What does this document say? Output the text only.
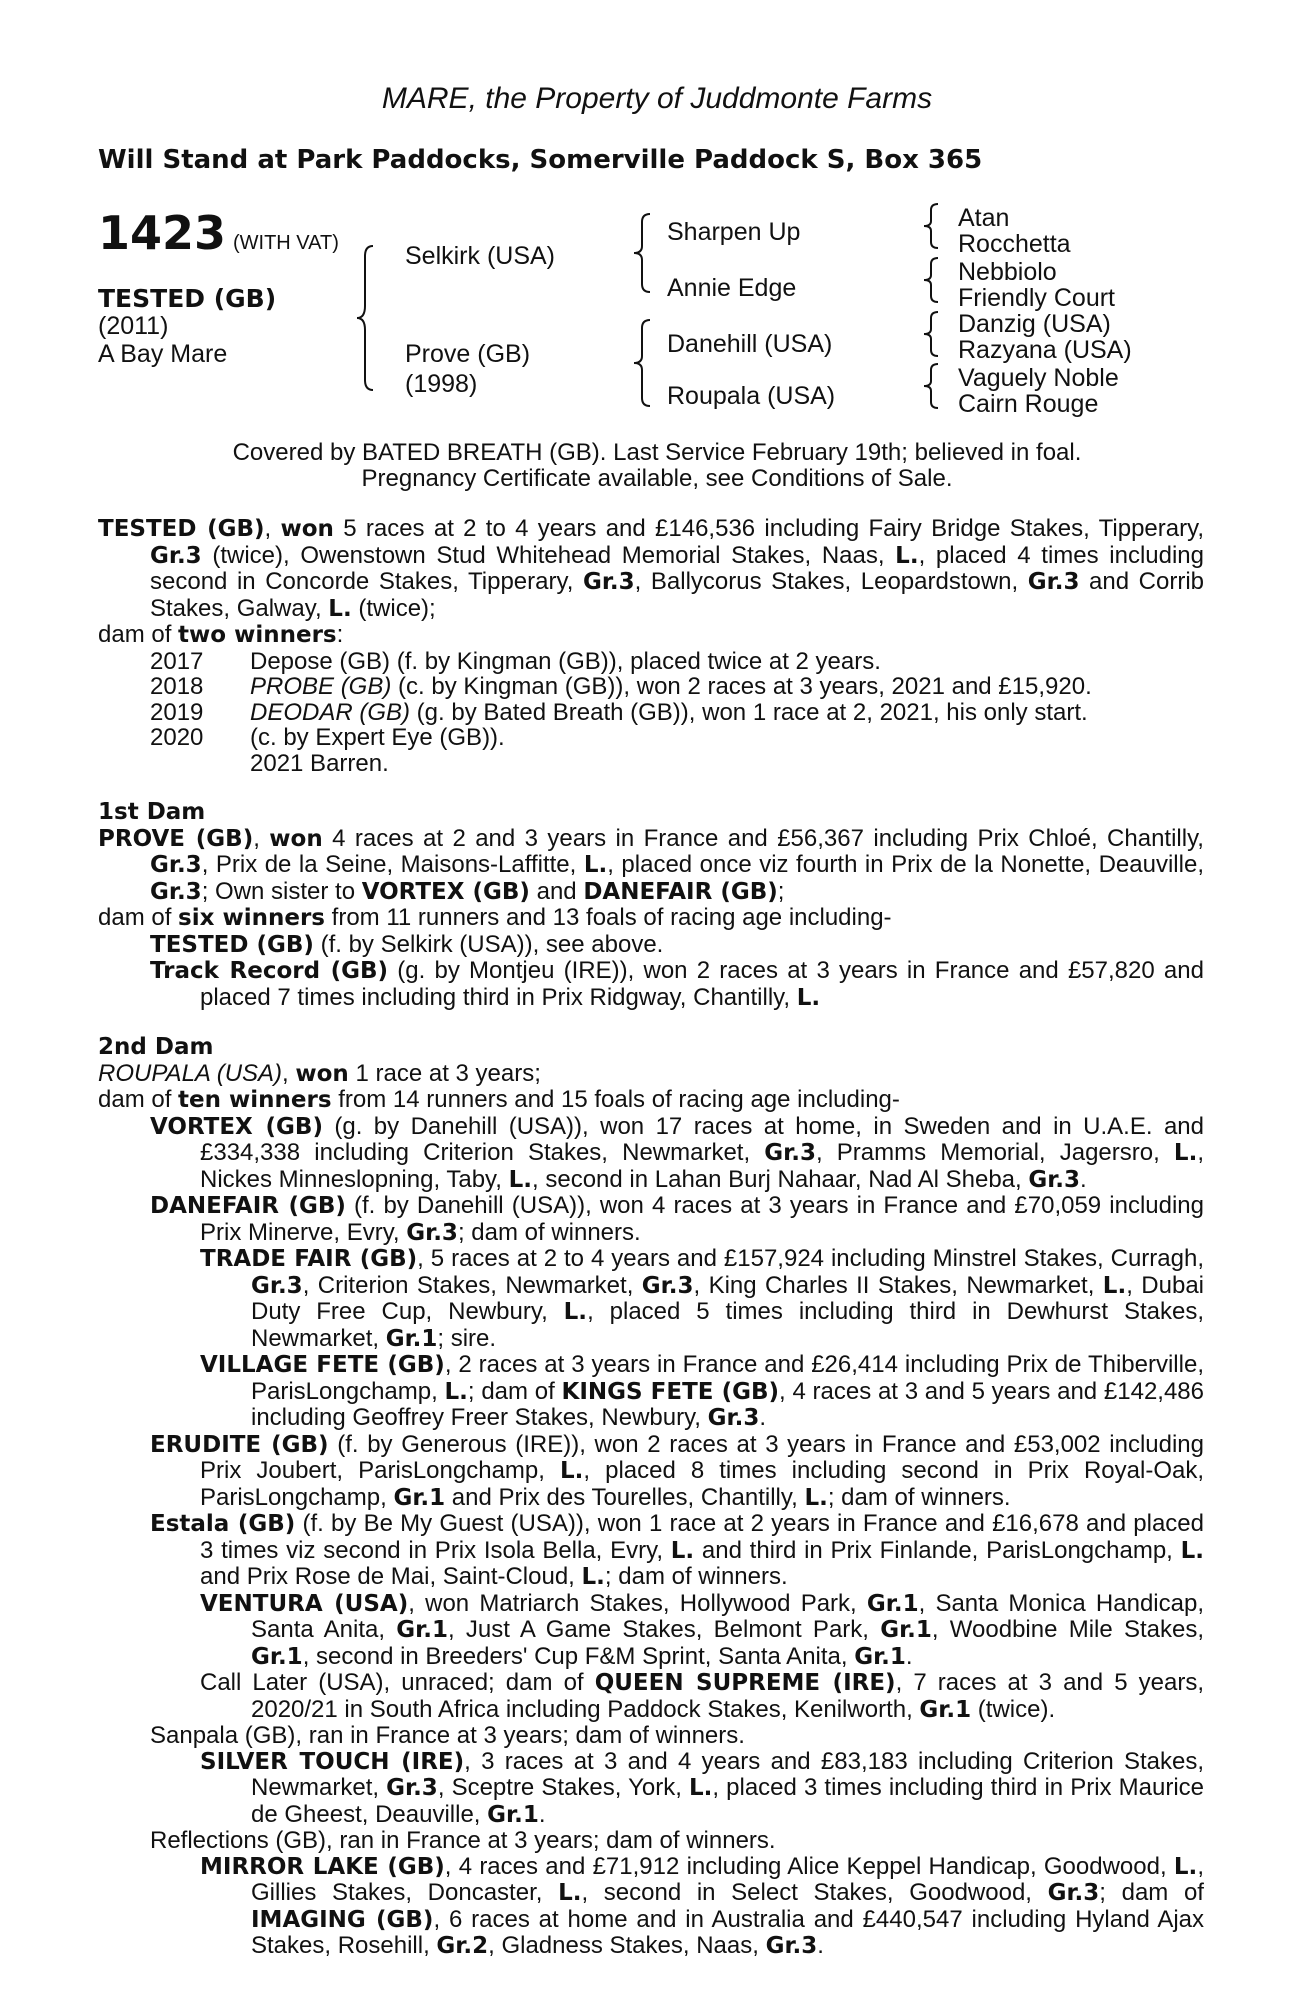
MARE, the Property of Juddmonte Farms
Will Stand at Park Paddocks, Somerville Paddock S, Box 365
1423 (WITH VAT)
TESTED (GB)
(2011)
A Bay Mare
Selkirk (USA)
Prove (GB)
(1998)
Sharpen Up
Annie Edge
Danehill (USA)
Roupala (USA)
Atan
Rocchetta
Nebbiolo
Friendly Court
Danzig (USA)
Razyana (USA)
Vaguely Noble
Cairn Rouge
Covered by BATED BREATH (GB). Last Service February 19th; believed in foal.
Pregnancy Certificate available, see Conditions of Sale.
TESTED (GB), won 5 races at 2 to 4 years and £146,536 including Fairy Bridge Stakes, Tipperary, Gr.3 (twice), Owenstown Stud Whitehead Memorial Stakes, Naas, L., placed 4 times including second in Concorde Stakes, Tipperary, Gr.3, Ballycorus Stakes, Leopardstown, Gr.3 and Corrib Stakes, Galway, L. (twice);
dam of two winners:
2017	Depose (GB) (f. by Kingman (GB)), placed twice at 2 years.
2018	PROBE (GB) (c. by Kingman (GB)), won 2 races at 3 years, 2021 and £15,920.
2019	DEODAR (GB) (g. by Bated Breath (GB)), won 1 race at 2, 2021, his only start.
2020	(c. by Expert Eye (GB)).
2021 Barren.
1st Dam
PROVE (GB), won 4 races at 2 and 3 years in France and £56,367 including Prix Chloé, Chantilly, Gr.3, Prix de la Seine, Maisons-Laffitte, L., placed once viz fourth in Prix de la Nonette, Deauville, Gr.3; Own sister to VORTEX (GB) and DANEFAIR (GB);
dam of six winners from 11 runners and 13 foals of racing age including-
TESTED (GB) (f. by Selkirk (USA)), see above.
Track Record (GB) (g. by Montjeu (IRE)), won 2 races at 3 years in France and £57,820 and placed 7 times including third in Prix Ridgway, Chantilly, L.
2nd Dam
ROUPALA (USA), won 1 race at 3 years;
dam of ten winners from 14 runners and 15 foals of racing age including-
VORTEX (GB) (g. by Danehill (USA)), won 17 races at home, in Sweden and in U.A.E. and £334,338 including Criterion Stakes, Newmarket, Gr.3, Pramms Memorial, Jagersro, L., Nickes Minneslopning, Taby, L., second in Lahan Burj Nahaar, Nad Al Sheba, Gr.3.
DANEFAIR (GB) (f. by Danehill (USA)), won 4 races at 3 years in France and £70,059 including Prix Minerve, Evry, Gr.3; dam of winners.
TRADE FAIR (GB), 5 races at 2 to 4 years and £157,924 including Minstrel Stakes, Curragh, Gr.3, Criterion Stakes, Newmarket, Gr.3, King Charles II Stakes, Newmarket, L., Dubai Duty Free Cup, Newbury, L., placed 5 times including third in Dewhurst Stakes, Newmarket, Gr.1; sire.
VILLAGE FETE (GB), 2 races at 3 years in France and £26,414 including Prix de Thiberville, ParisLongchamp, L.; dam of KINGS FETE (GB), 4 races at 3 and 5 years and £142,486 including Geoffrey Freer Stakes, Newbury, Gr.3.
ERUDITE (GB) (f. by Generous (IRE)), won 2 races at 3 years in France and £53,002 including Prix Joubert, ParisLongchamp, L., placed 8 times including second in Prix Royal-Oak, ParisLongchamp, Gr.1 and Prix des Tourelles, Chantilly, L.; dam of winners.
Estala (GB) (f. by Be My Guest (USA)), won 1 race at 2 years in France and £16,678 and placed 3 times viz second in Prix Isola Bella, Evry, L. and third in Prix Finlande, ParisLongchamp, L. and Prix Rose de Mai, Saint-Cloud, L.; dam of winners.
VENTURA (USA), won Matriarch Stakes, Hollywood Park, Gr.1, Santa Monica Handicap, Santa Anita, Gr.1, Just A Game Stakes, Belmont Park, Gr.1, Woodbine Mile Stakes, Gr.1, second in Breeders' Cup F&M Sprint, Santa Anita, Gr.1.
Call Later (USA), unraced; dam of QUEEN SUPREME (IRE), 7 races at 3 and 5 years, 2020/21 in South Africa including Paddock Stakes, Kenilworth, Gr.1 (twice).
Sanpala (GB), ran in France at 3 years; dam of winners.
SILVER TOUCH (IRE), 3 races at 3 and 4 years and £83,183 including Criterion Stakes, Newmarket, Gr.3, Sceptre Stakes, York, L., placed 3 times including third in Prix Maurice de Gheest, Deauville, Gr.1.
Reflections (GB), ran in France at 3 years; dam of winners.
MIRROR LAKE (GB), 4 races and £71,912 including Alice Keppel Handicap, Goodwood, L., Gillies Stakes, Doncaster, L., second in Select Stakes, Goodwood, Gr.3; dam of IMAGING (GB), 6 races at home and in Australia and £440,547 including Hyland Ajax Stakes, Rosehill, Gr.2, Gladness Stakes, Naas, Gr.3.
